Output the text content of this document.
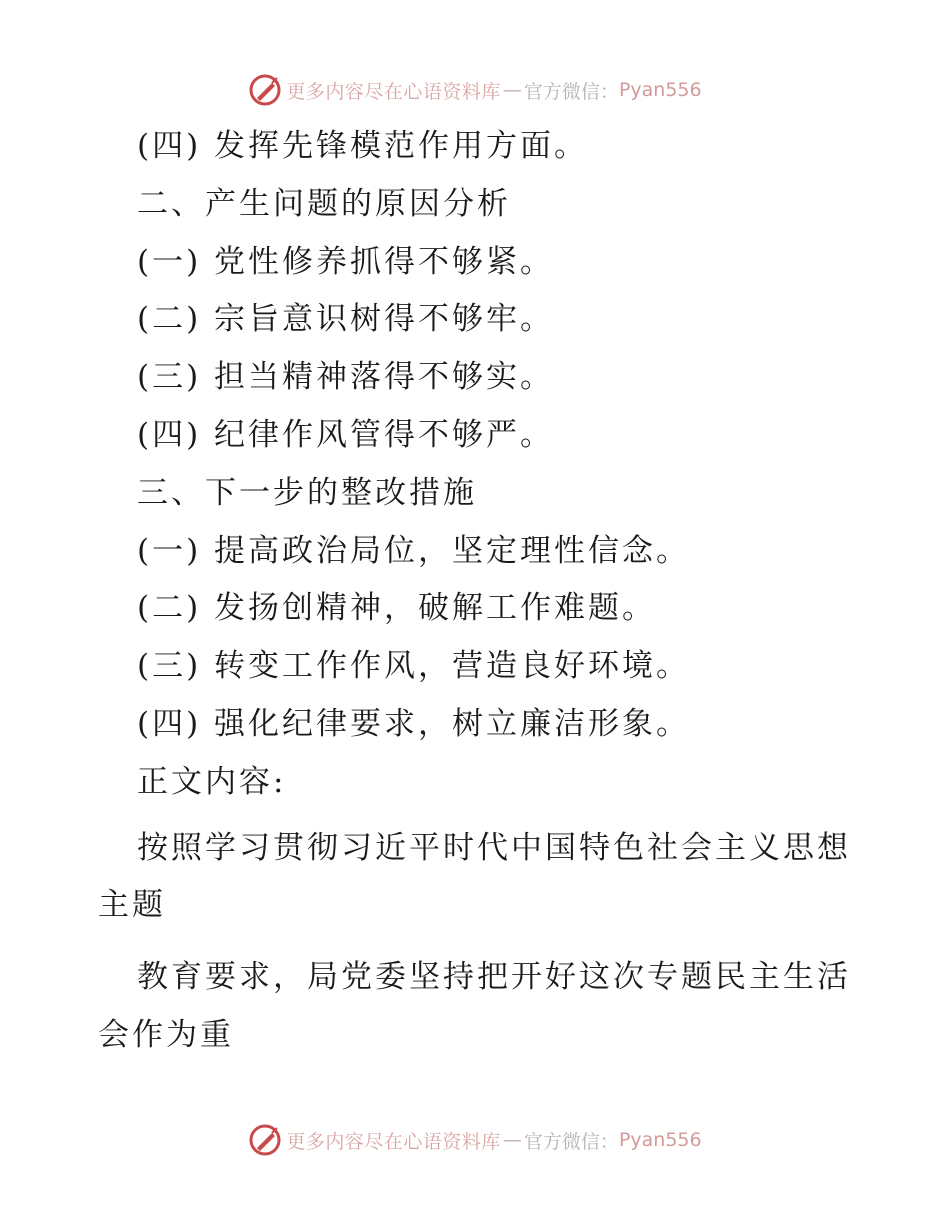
更多内容尽在心语资料库 — 官方微信： Pyan556
(四) 发挥先锋模范作用方面。
二、产生问题的原因分析
(一) 党性修养抓得不够紧。
(二) 宗旨意识树得不够牢。
(三) 担当精神落得不够实。
(四) 纪律作风管得不够严。
三、下一步的整改措施
(一) 提高政治局位，坚定理性信念。
(二) 发扬创精神，破解工作难题。
(三) 转变工作作风，营造良好环境。
(四) 强化纪律要求，树立廉洁形象。
正文内容:
按照学习贯彻习近平时代中国特色社会主义思想
主题
教育要求，局党委坚持把开好这次专题民主生活
会作为重
更多内容尽在心语资料库 — 官方微信： Pyan556
